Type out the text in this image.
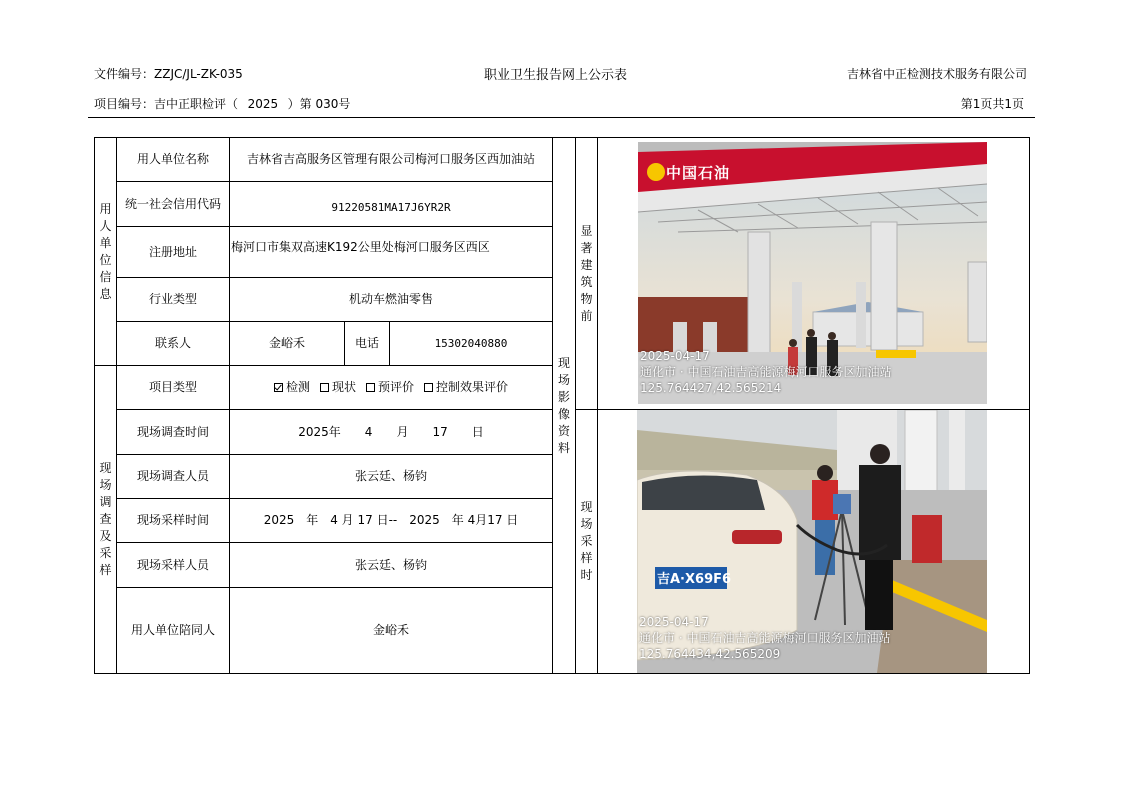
文件编号：ZZJC/JL-ZK-035	职业卫生报告网上公示表	吉林省中正检测技术服务有限公司
项目编号：吉中正职检评（ 2025 ）第 030号	第1页共1页
用人单位信息
现场调查及采样
用人单位名称	吉林省吉高服务区管理有限公司梅河口服务区西加油站
统一社会信用代码	91220581MA17J6YR2R
注册地址	梅河口市集双高速K192公里处梅河口服务区西区
行业类型	机动车燃油零售
联系人	金峪禾	电话	15302040880
项目类型	检测 现状 预评价 控制效果评价
现场调查时间	2025年　　4　　月　　17　　日
现场调查人员	张云廷、杨钧
现场采样时间	2025　年　4 月 17 日--　2025　年 4月17 日
现场采样人员	张云廷、杨钧
用人单位陪同人	金峪禾
现场影像资料
显著建筑物前
现场采样时
中国石油
2025-04-17
通化市 · 中国石油吉高能源梅河口服务区加油站
125.764427,42.565214
吉A·X69F6
2025-04-17
通化市 · 中国石油吉高能源梅河口服务区加油站
125.764434,42.565209
